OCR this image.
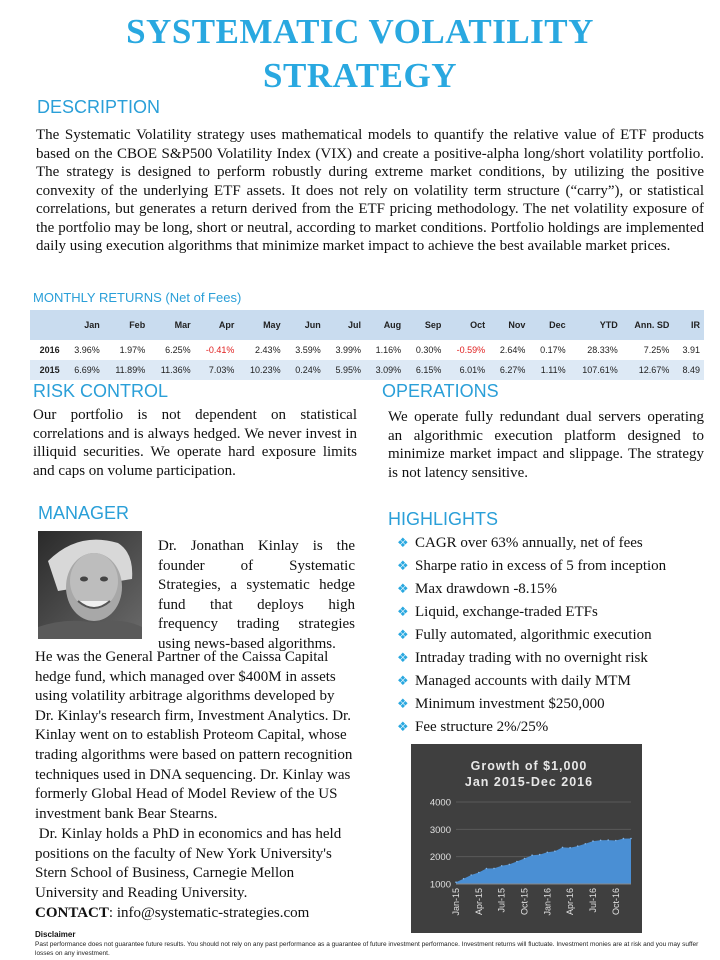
SYSTEMATIC VOLATILITY STRATEGY
DESCRIPTION
The Systematic Volatility strategy uses mathematical models to quantify the relative value of ETF products based on the CBOE S&P500 Volatility Index (VIX) and create a positive-alpha long/short volatility portfolio. The strategy is designed to perform robustly during extreme market conditions, by utilizing the positive convexity of the underlying ETF assets. It does not rely on volatility term structure (“carry”), or statistical correlations, but generates a return derived from the ETF pricing methodology. The net volatility exposure of the portfolio may be long, short or neutral, according to market conditions. Portfolio holdings are implemented daily using execution algorithms that minimize market impact to achieve the best available market prices.
MONTHLY RETURNS (Net of Fees)
	Jan	Feb	Mar	Apr	May	Jun	Jul	Aug	Sep	Oct	Nov	Dec	YTD	Ann. SD	IR
2016	3.96%	1.97%	6.25%	-0.41%	2.43%	3.59%	3.99%	1.16%	0.30%	-0.59%	2.64%	0.17%	28.33%	7.25%	3.91
2015	6.69%	11.89%	11.36%	7.03%	10.23%	0.24%	5.95%	3.09%	6.15%	6.01%	6.27%	1.11%	107.61%	12.67%	8.49
RISK CONTROL
Our portfolio is not dependent on statistical correlations and is always hedged. We never invest in illiquid securities. We operate hard exposure limits and caps on volume participation.
OPERATIONS
We operate fully redundant dual servers operating an algorithmic execution platform designed to minimize market impact and slippage. The strategy is not latency sensitive.
MANAGER
Dr. Jonathan Kinlay is the founder of Systematic Strategies, a systematic hedge fund that deploys high frequency trading strategies using news-based algorithms.
He was the General Partner of the Caissa Capital hedge fund, which managed over $400M in assets using volatility arbitrage algorithms developed by Dr. Kinlay's research firm, Investment Analytics. Dr. Kinlay went on to establish Proteom Capital, whose trading algorithms were based on pattern recognition techniques used in DNA sequencing. Dr. Kinlay was formerly Global Head of Model Review of the US investment bank Bear Stearns.
Dr. Kinlay holds a PhD in economics and has held positions on the faculty of New York University's Stern School of Business, Carnegie Mellon University and Reading University.
HIGHLIGHTS
❖ CAGR over 63% annually, net of fees
❖ Sharpe ratio in excess of 5 from inception
❖ Max drawdown -8.15%
❖ Liquid, exchange-traded ETFs
❖ Fully automated, algorithmic execution
❖ Intraday trading with no overnight risk
❖ Managed accounts with daily MTM
❖ Minimum investment $250,000
❖ Fee structure 2%/25%
Growth of $1,000
Jan 2015-Dec 2016
1000
2000
3000
4000
Jan-15 Apr-15 Jul-15 Oct-15 Jan-16 Apr-16 Jul-16 Oct-16
CONTACT: info@systematic-strategies.com
Disclaimer
Past performance does not guarantee future results. You should not rely on any past performance as a guarantee of future investment performance. Investment returns will fluctuate. Investment monies are at risk and you may suffer losses on any investment.
